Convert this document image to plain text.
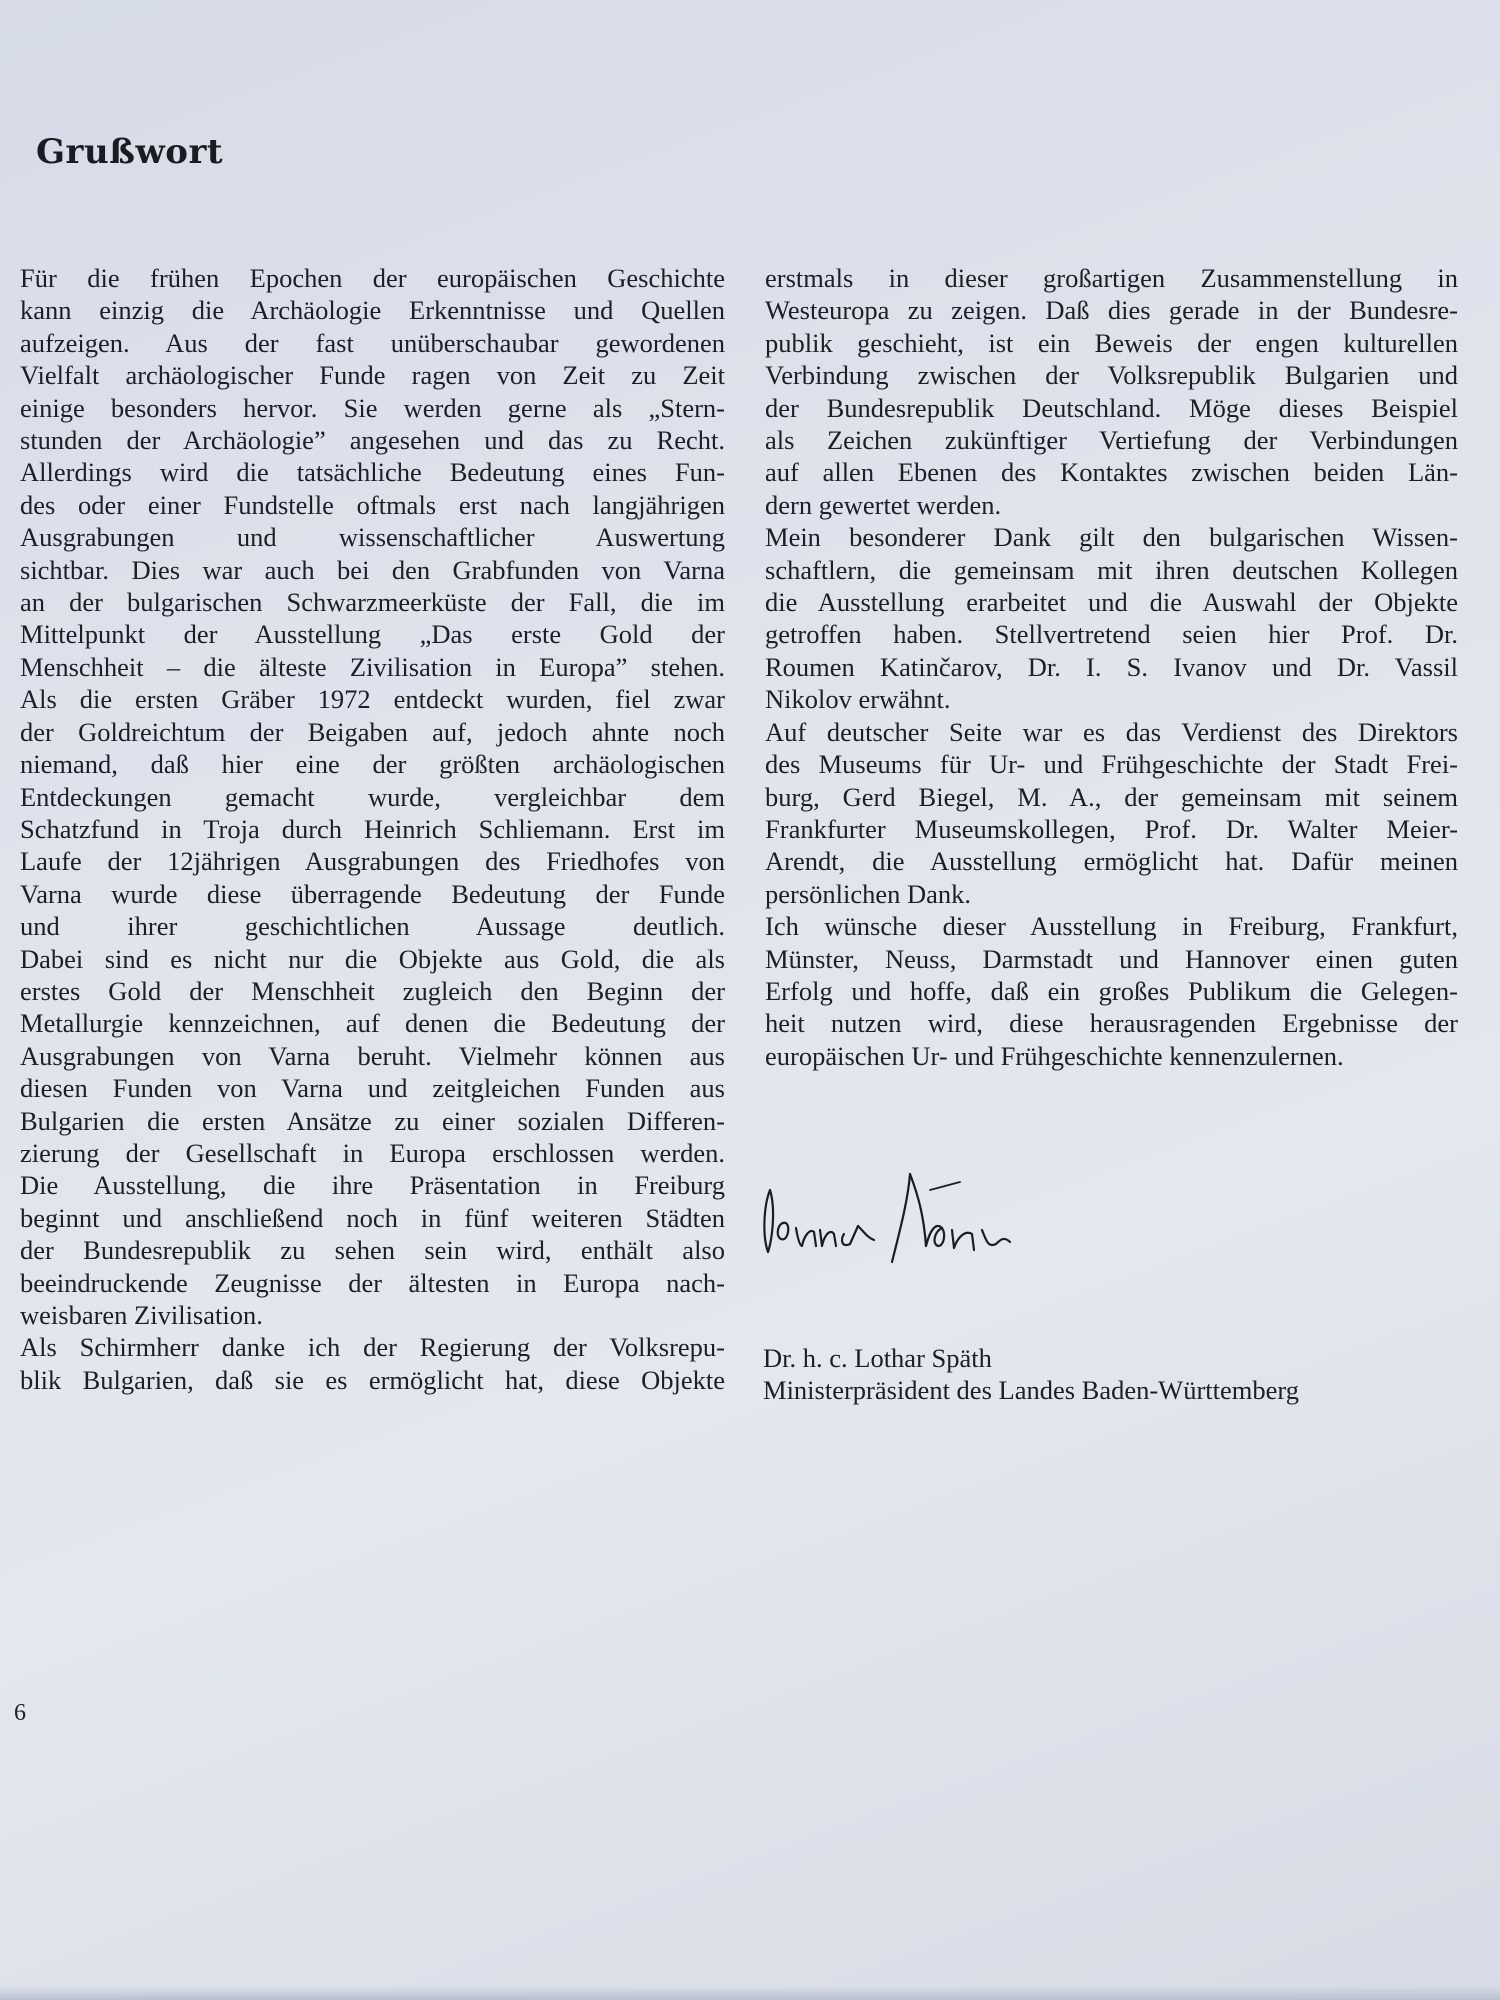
Grußwort
Für die frühen Epochen der europäischen Geschichte
kann einzig die Archäologie Erkenntnisse und Quellen
aufzeigen. Aus der fast unüberschaubar gewordenen
Vielfalt archäologischer Funde ragen von Zeit zu Zeit
einige besonders hervor. Sie werden gerne als „Stern-
stunden der Archäologie” angesehen und das zu Recht.
Allerdings wird die tatsächliche Bedeutung eines Fun-
des oder einer Fundstelle oftmals erst nach langjährigen
Ausgrabungen und wissenschaftlicher Auswertung
sichtbar. Dies war auch bei den Grabfunden von Varna
an der bulgarischen Schwarzmeerküste der Fall, die im
Mittelpunkt der Ausstellung „Das erste Gold der
Menschheit – die älteste Zivilisation in Europa” stehen.
Als die ersten Gräber 1972 entdeckt wurden, fiel zwar
der Goldreichtum der Beigaben auf, jedoch ahnte noch
niemand, daß hier eine der größten archäologischen
Entdeckungen gemacht wurde, vergleichbar dem
Schatzfund in Troja durch Heinrich Schliemann. Erst im
Laufe der 12jährigen Ausgrabungen des Friedhofes von
Varna wurde diese überragende Bedeutung der Funde
und ihrer geschichtlichen Aussage deutlich.
Dabei sind es nicht nur die Objekte aus Gold, die als
erstes Gold der Menschheit zugleich den Beginn der
Metallurgie kennzeichnen, auf denen die Bedeutung der
Ausgrabungen von Varna beruht. Vielmehr können aus
diesen Funden von Varna und zeitgleichen Funden aus
Bulgarien die ersten Ansätze zu einer sozialen Differen-
zierung der Gesellschaft in Europa erschlossen werden.
Die Ausstellung, die ihre Präsentation in Freiburg
beginnt und anschließend noch in fünf weiteren Städten
der Bundesrepublik zu sehen sein wird, enthält also
beeindruckende Zeugnisse der ältesten in Europa nach-
weisbaren Zivilisation.
Als Schirmherr danke ich der Regierung der Volksrepu-
blik Bulgarien, daß sie es ermöglicht hat, diese Objekte
erstmals in dieser großartigen Zusammenstellung in
Westeuropa zu zeigen. Daß dies gerade in der Bundesre-
publik geschieht, ist ein Beweis der engen kulturellen
Verbindung zwischen der Volksrepublik Bulgarien und
der Bundesrepublik Deutschland. Möge dieses Beispiel
als Zeichen zukünftiger Vertiefung der Verbindungen
auf allen Ebenen des Kontaktes zwischen beiden Län-
dern gewertet werden.
Mein besonderer Dank gilt den bulgarischen Wissen-
schaftlern, die gemeinsam mit ihren deutschen Kollegen
die Ausstellung erarbeitet und die Auswahl der Objekte
getroffen haben. Stellvertretend seien hier Prof. Dr.
Roumen Katinčarov, Dr. I. S. Ivanov und Dr. Vassil
Nikolov erwähnt.
Auf deutscher Seite war es das Verdienst des Direktors
des Museums für Ur- und Frühgeschichte der Stadt Frei-
burg, Gerd Biegel, M. A., der gemeinsam mit seinem
Frankfurter Museumskollegen, Prof. Dr. Walter Meier-
Arendt, die Ausstellung ermöglicht hat. Dafür meinen
persönlichen Dank.
Ich wünsche dieser Ausstellung in Freiburg, Frankfurt,
Münster, Neuss, Darmstadt und Hannover einen guten
Erfolg und hoffe, daß ein großes Publikum die Gelegen-
heit nutzen wird, diese herausragenden Ergebnisse der
europäischen Ur- und Frühgeschichte kennenzulernen.
Dr. h. c. Lothar Späth
Ministerpräsident des Landes Baden-Württemberg
6
